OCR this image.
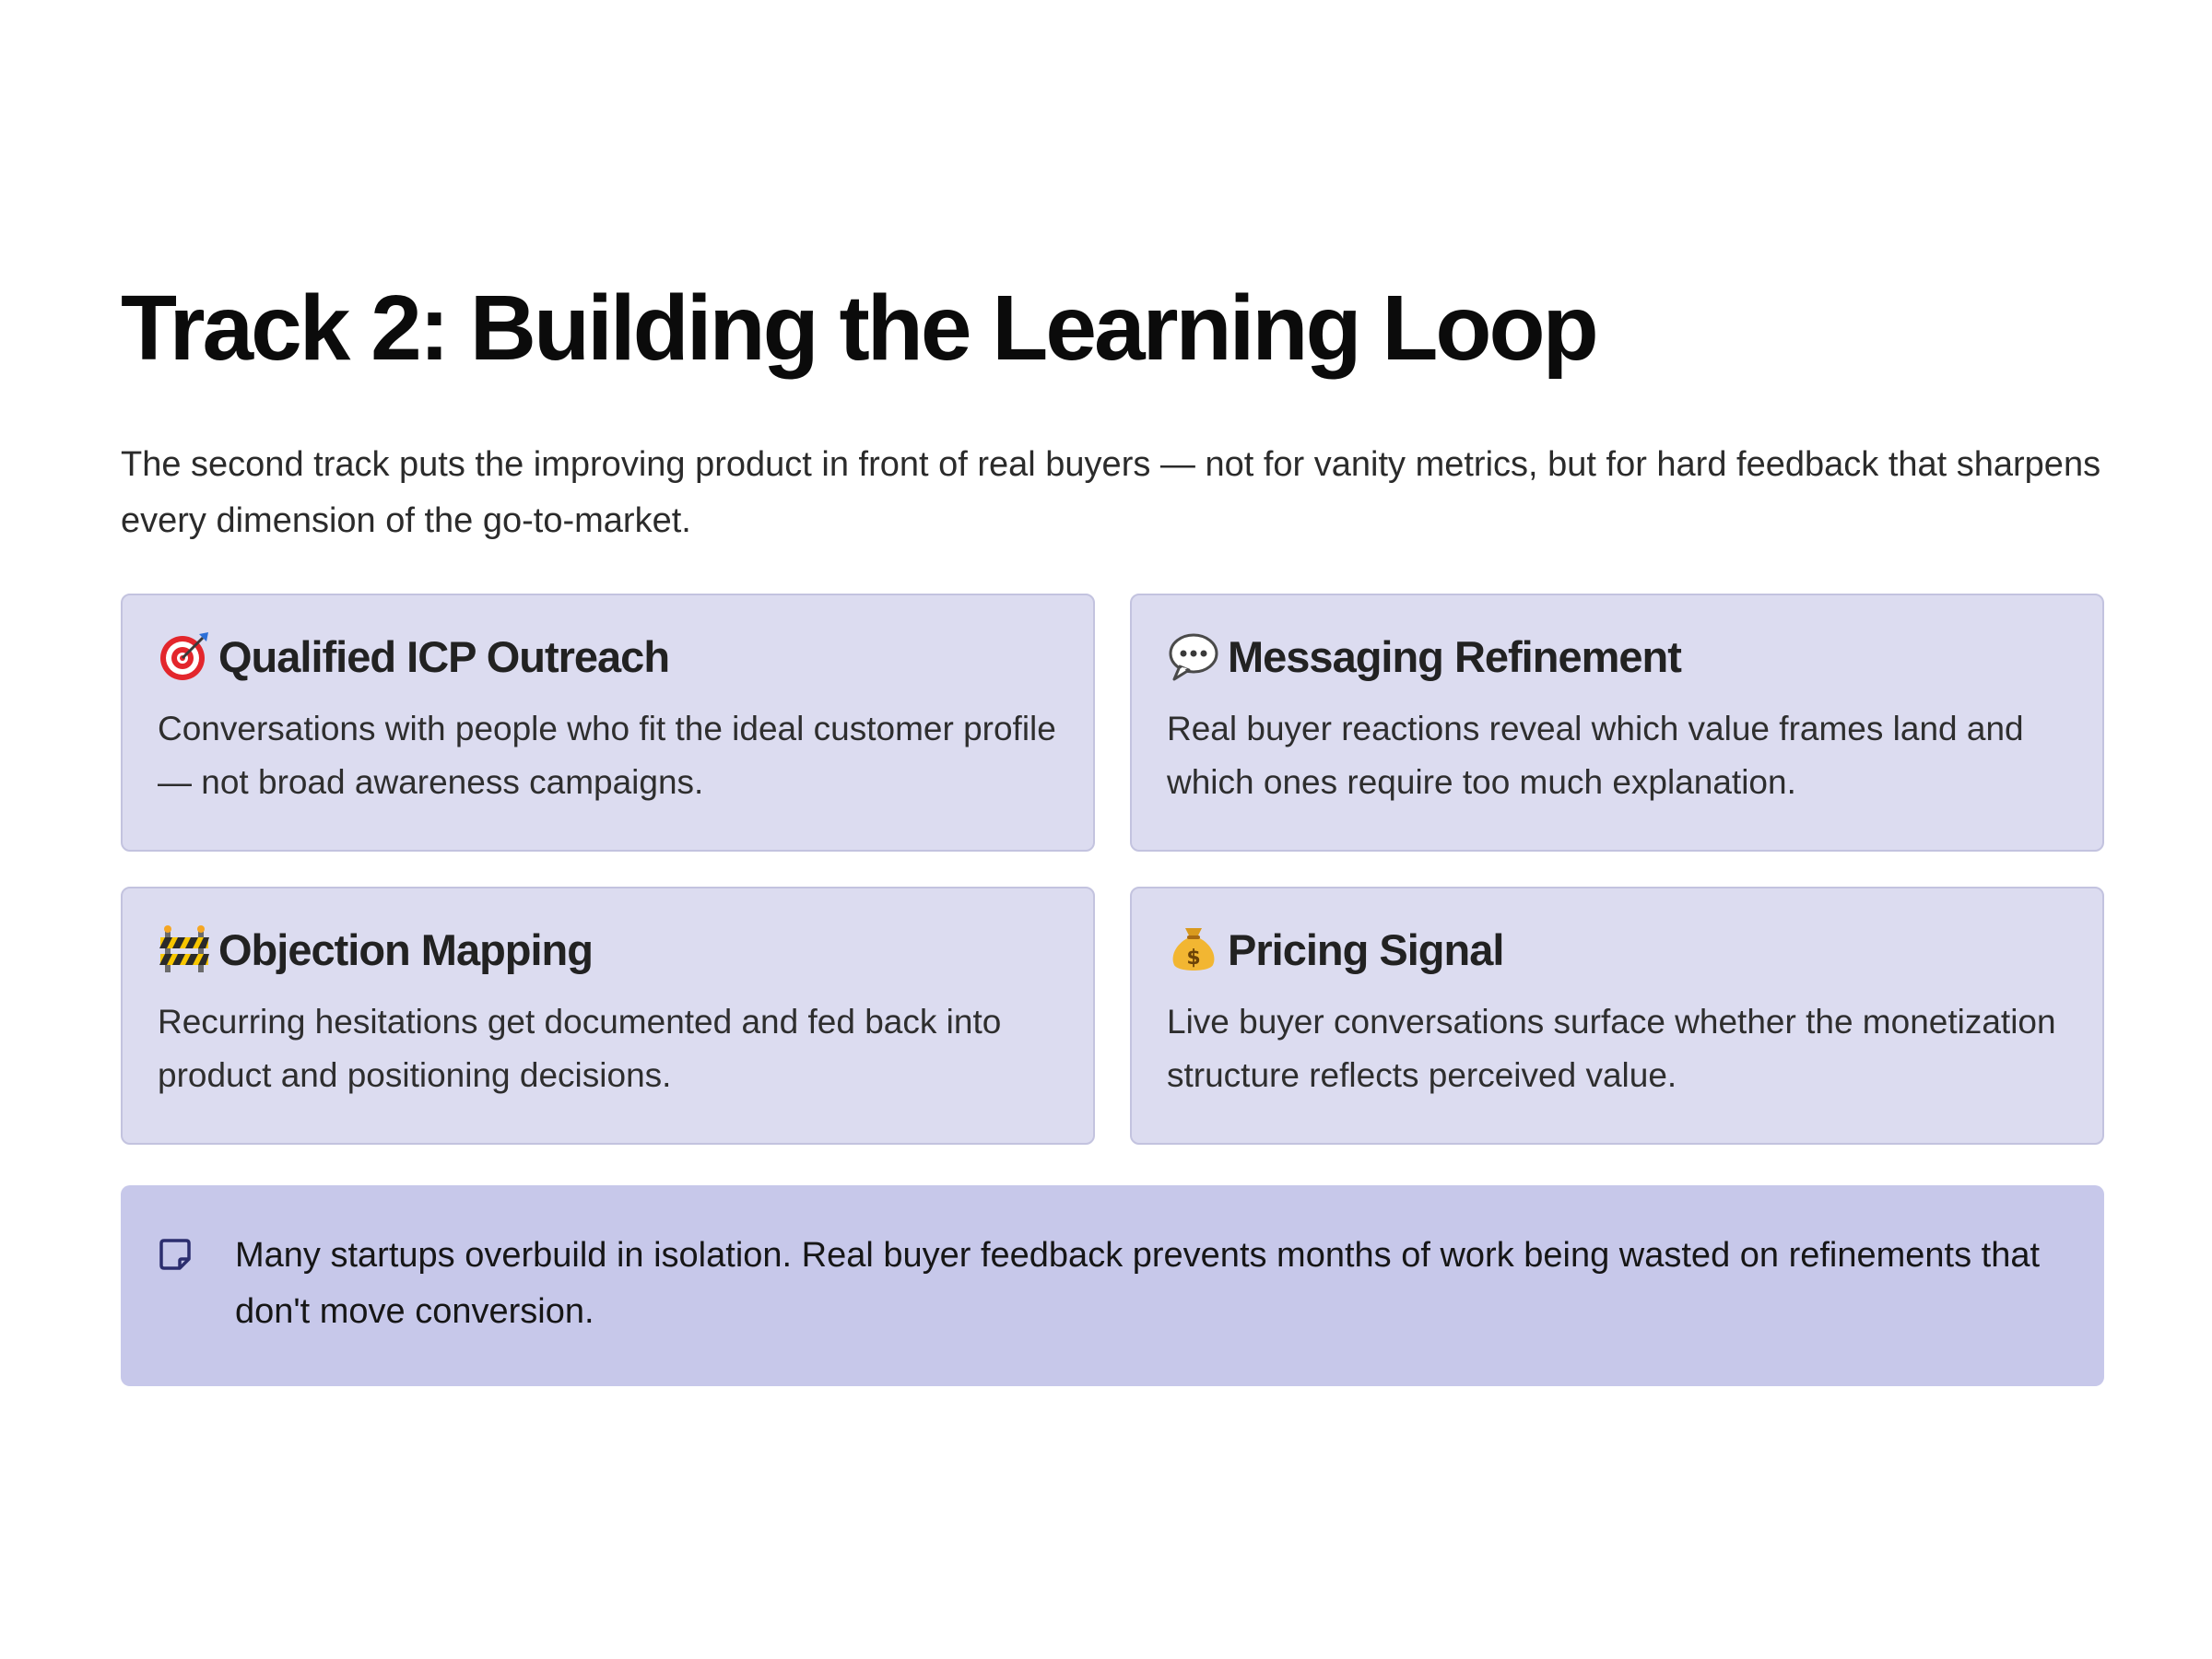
Track 2: Building the Learning Loop

The second track puts the improving product in front of real buyers — not for vanity metrics, but for hard feedback that sharpens every dimension of the go-to-market.

Qualified ICP Outreach
Conversations with people who fit the ideal customer profile — not broad awareness campaigns.
Messaging Refinement
Real buyer reactions reveal which value frames land and which ones require too much explanation.
Objection Mapping
Recurring hesitations get documented and fed back into product and positioning decisions.
$ Pricing Signal
Live buyer conversations surface whether the monetization structure reflects perceived value.
Many startups overbuild in isolation. Real buyer feedback prevents months of work being wasted on refinements that don't move conversion.
